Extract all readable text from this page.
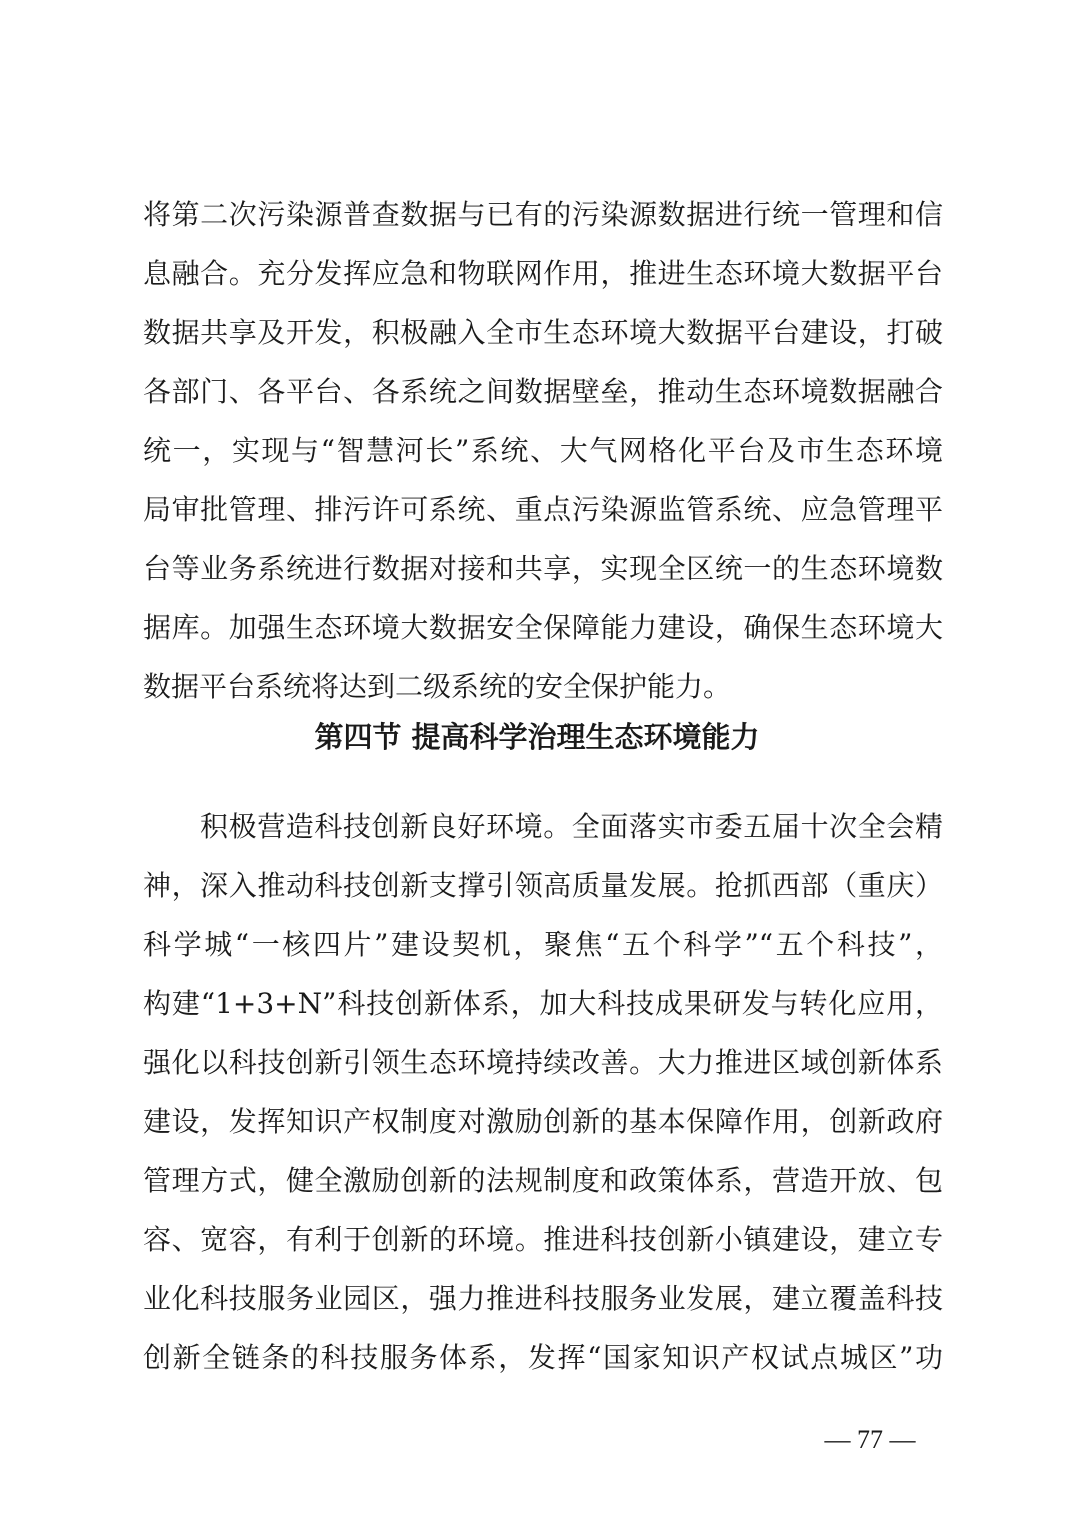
将第二次污染源普查数据与已有的污染源数据进行统一管理和信
息融合。充分发挥应急和物联网作用，推进生态环境大数据平台
数据共享及开发，积极融入全市生态环境大数据平台建设，打破
各部门、各平台、各系统之间数据壁垒，推动生态环境数据融合
统一，实现与“智慧河长”系统、大气网格化平台及市生态环境
局审批管理、排污许可系统、重点污染源监管系统、应急管理平
台等业务系统进行数据对接和共享，实现全区统一的生态环境数
据库。加强生态环境大数据安全保障能力建设，确保生态环境大
数据平台系统将达到二级系统的安全保护能力。
第四节 提高科学治理生态环境能力
积极营造科技创新良好环境。全面落实市委五届十次全会精
神，深入推动科技创新支撑引领高质量发展。抢抓西部（重庆）
科学城“一核四片”建设契机，聚焦“五个科学”“五个科技”，
构建“1+3+N”科技创新体系，加大科技成果研发与转化应用，
强化以科技创新引领生态环境持续改善。大力推进区域创新体系
建设，发挥知识产权制度对激励创新的基本保障作用，创新政府
管理方式，健全激励创新的法规制度和政策体系，营造开放、包
容、宽容，有利于创新的环境。推进科技创新小镇建设，建立专
业化科技服务业园区，强力推进科技服务业发展，建立覆盖科技
创新全链条的科技服务体系，发挥“国家知识产权试点城区”功
— 77 —
